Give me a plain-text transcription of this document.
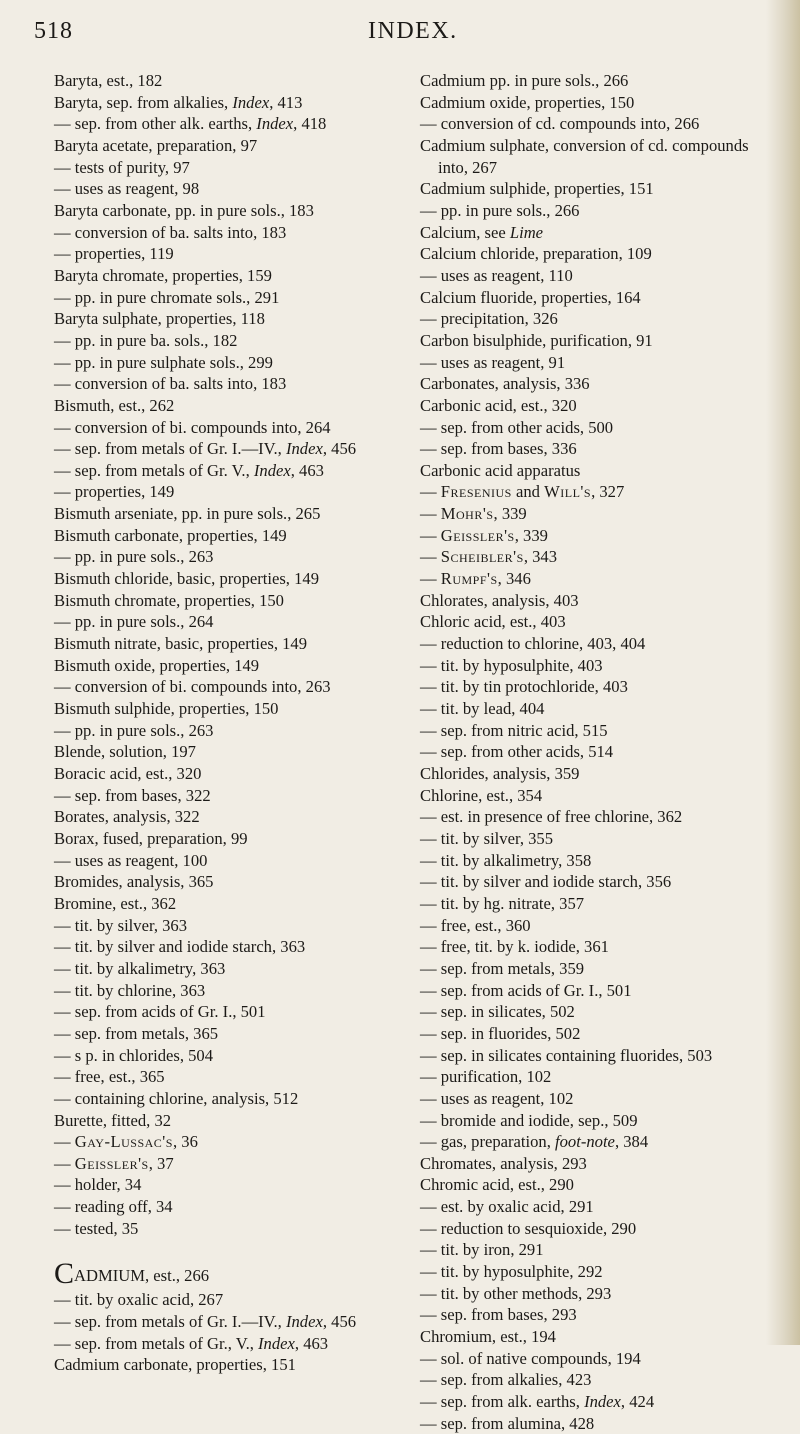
518	INDEX.
Baryta, est., 182
Baryta, sep. from alkalies, Index, 413
— sep. from other alk. earths, Index, 418
Baryta acetate, preparation, 97
— tests of purity, 97
— uses as reagent, 98
Baryta carbonate, pp. in pure sols., 183
— conversion of ba. salts into, 183
— properties, 119
Baryta chromate, properties, 159
— pp. in pure chromate sols., 291
Baryta sulphate, properties, 118
— pp. in pure ba. sols., 182
— pp. in pure sulphate sols., 299
— conversion of ba. salts into, 183
Bismuth, est., 262
— conversion of bi. compounds into, 264
— sep. from metals of Gr. I.—IV., Index, 456
— sep. from metals of Gr. V., Index, 463
— properties, 149
Bismuth arseniate, pp. in pure sols., 265
Bismuth carbonate, properties, 149
— pp. in pure sols., 263
Bismuth chloride, basic, properties, 149
Bismuth chromate, properties, 150
— pp. in pure sols., 264
Bismuth nitrate, basic, properties, 149
Bismuth oxide, properties, 149
— conversion of bi. compounds into, 263
Bismuth sulphide, properties, 150
— pp. in pure sols., 263
Blende, solution, 197
Boracic acid, est., 320
— sep. from bases, 322
Borates, analysis, 322
Borax, fused, preparation, 99
— uses as reagent, 100
Bromides, analysis, 365
Bromine, est., 362
— tit. by silver, 363
— tit. by silver and iodide starch, 363
— tit. by alkalimetry, 363
— tit. by chlorine, 363
— sep. from acids of Gr. I., 501
— sep. from metals, 365
— s p. in chlorides, 504
— free, est., 365
— containing chlorine, analysis, 512
Burette, fitted, 32
— Gay-Lussac's, 36
— Geissler's, 37
— holder, 34
— reading off, 34
— tested, 35
CADMIUM, est., 266
— tit. by oxalic acid, 267
— sep. from metals of Gr. I.—IV., Index, 456
— sep. from metals of Gr., V., Index, 463
Cadmium carbonate, properties, 151
Cadmium pp. in pure sols., 266
Cadmium oxide, properties, 150
— conversion of cd. compounds into, 266
Cadmium sulphate, conversion of cd. compounds into, 267
Cadmium sulphide, properties, 151
— pp. in pure sols., 266
Calcium, see Lime
Calcium chloride, preparation, 109
— uses as reagent, 110
Calcium fluoride, properties, 164
— precipitation, 326
Carbon bisulphide, purification, 91
— uses as reagent, 91
Carbonates, analysis, 336
Carbonic acid, est., 320
— sep. from other acids, 500
— sep. from bases, 336
Carbonic acid apparatus
— Fresenius and Will's, 327
— Mohr's, 339
— Geissler's, 339
— Scheibler's, 343
— Rumpf's, 346
Chlorates, analysis, 403
Chloric acid, est., 403
— reduction to chlorine, 403, 404
— tit. by hyposulphite, 403
— tit. by tin protochloride, 403
— tit. by lead, 404
— sep. from nitric acid, 515
— sep. from other acids, 514
Chlorides, analysis, 359
Chlorine, est., 354
— est. in presence of free chlorine, 362
— tit. by silver, 355
— tit. by alkalimetry, 358
— tit. by silver and iodide starch, 356
— tit. by hg. nitrate, 357
— free, est., 360
— free, tit. by k. iodide, 361
— sep. from metals, 359
— sep. from acids of Gr. I., 501
— sep. in silicates, 502
— sep. in fluorides, 502
— sep. in silicates containing fluorides, 503
— purification, 102
— uses as reagent, 102
— bromide and iodide, sep., 509
— gas, preparation, foot-note, 384
Chromates, analysis, 293
Chromic acid, est., 290
— est. by oxalic acid, 291
— reduction to sesquioxide, 290
— tit. by iron, 291
— tit. by hyposulphite, 292
— tit. by other methods, 293
— sep. from bases, 293
Chromium, est., 194
— sol. of native compounds, 194
— sep. from alkalies, 423
— sep. from alk. earths, Index, 424
— sep. from alumina, 428
